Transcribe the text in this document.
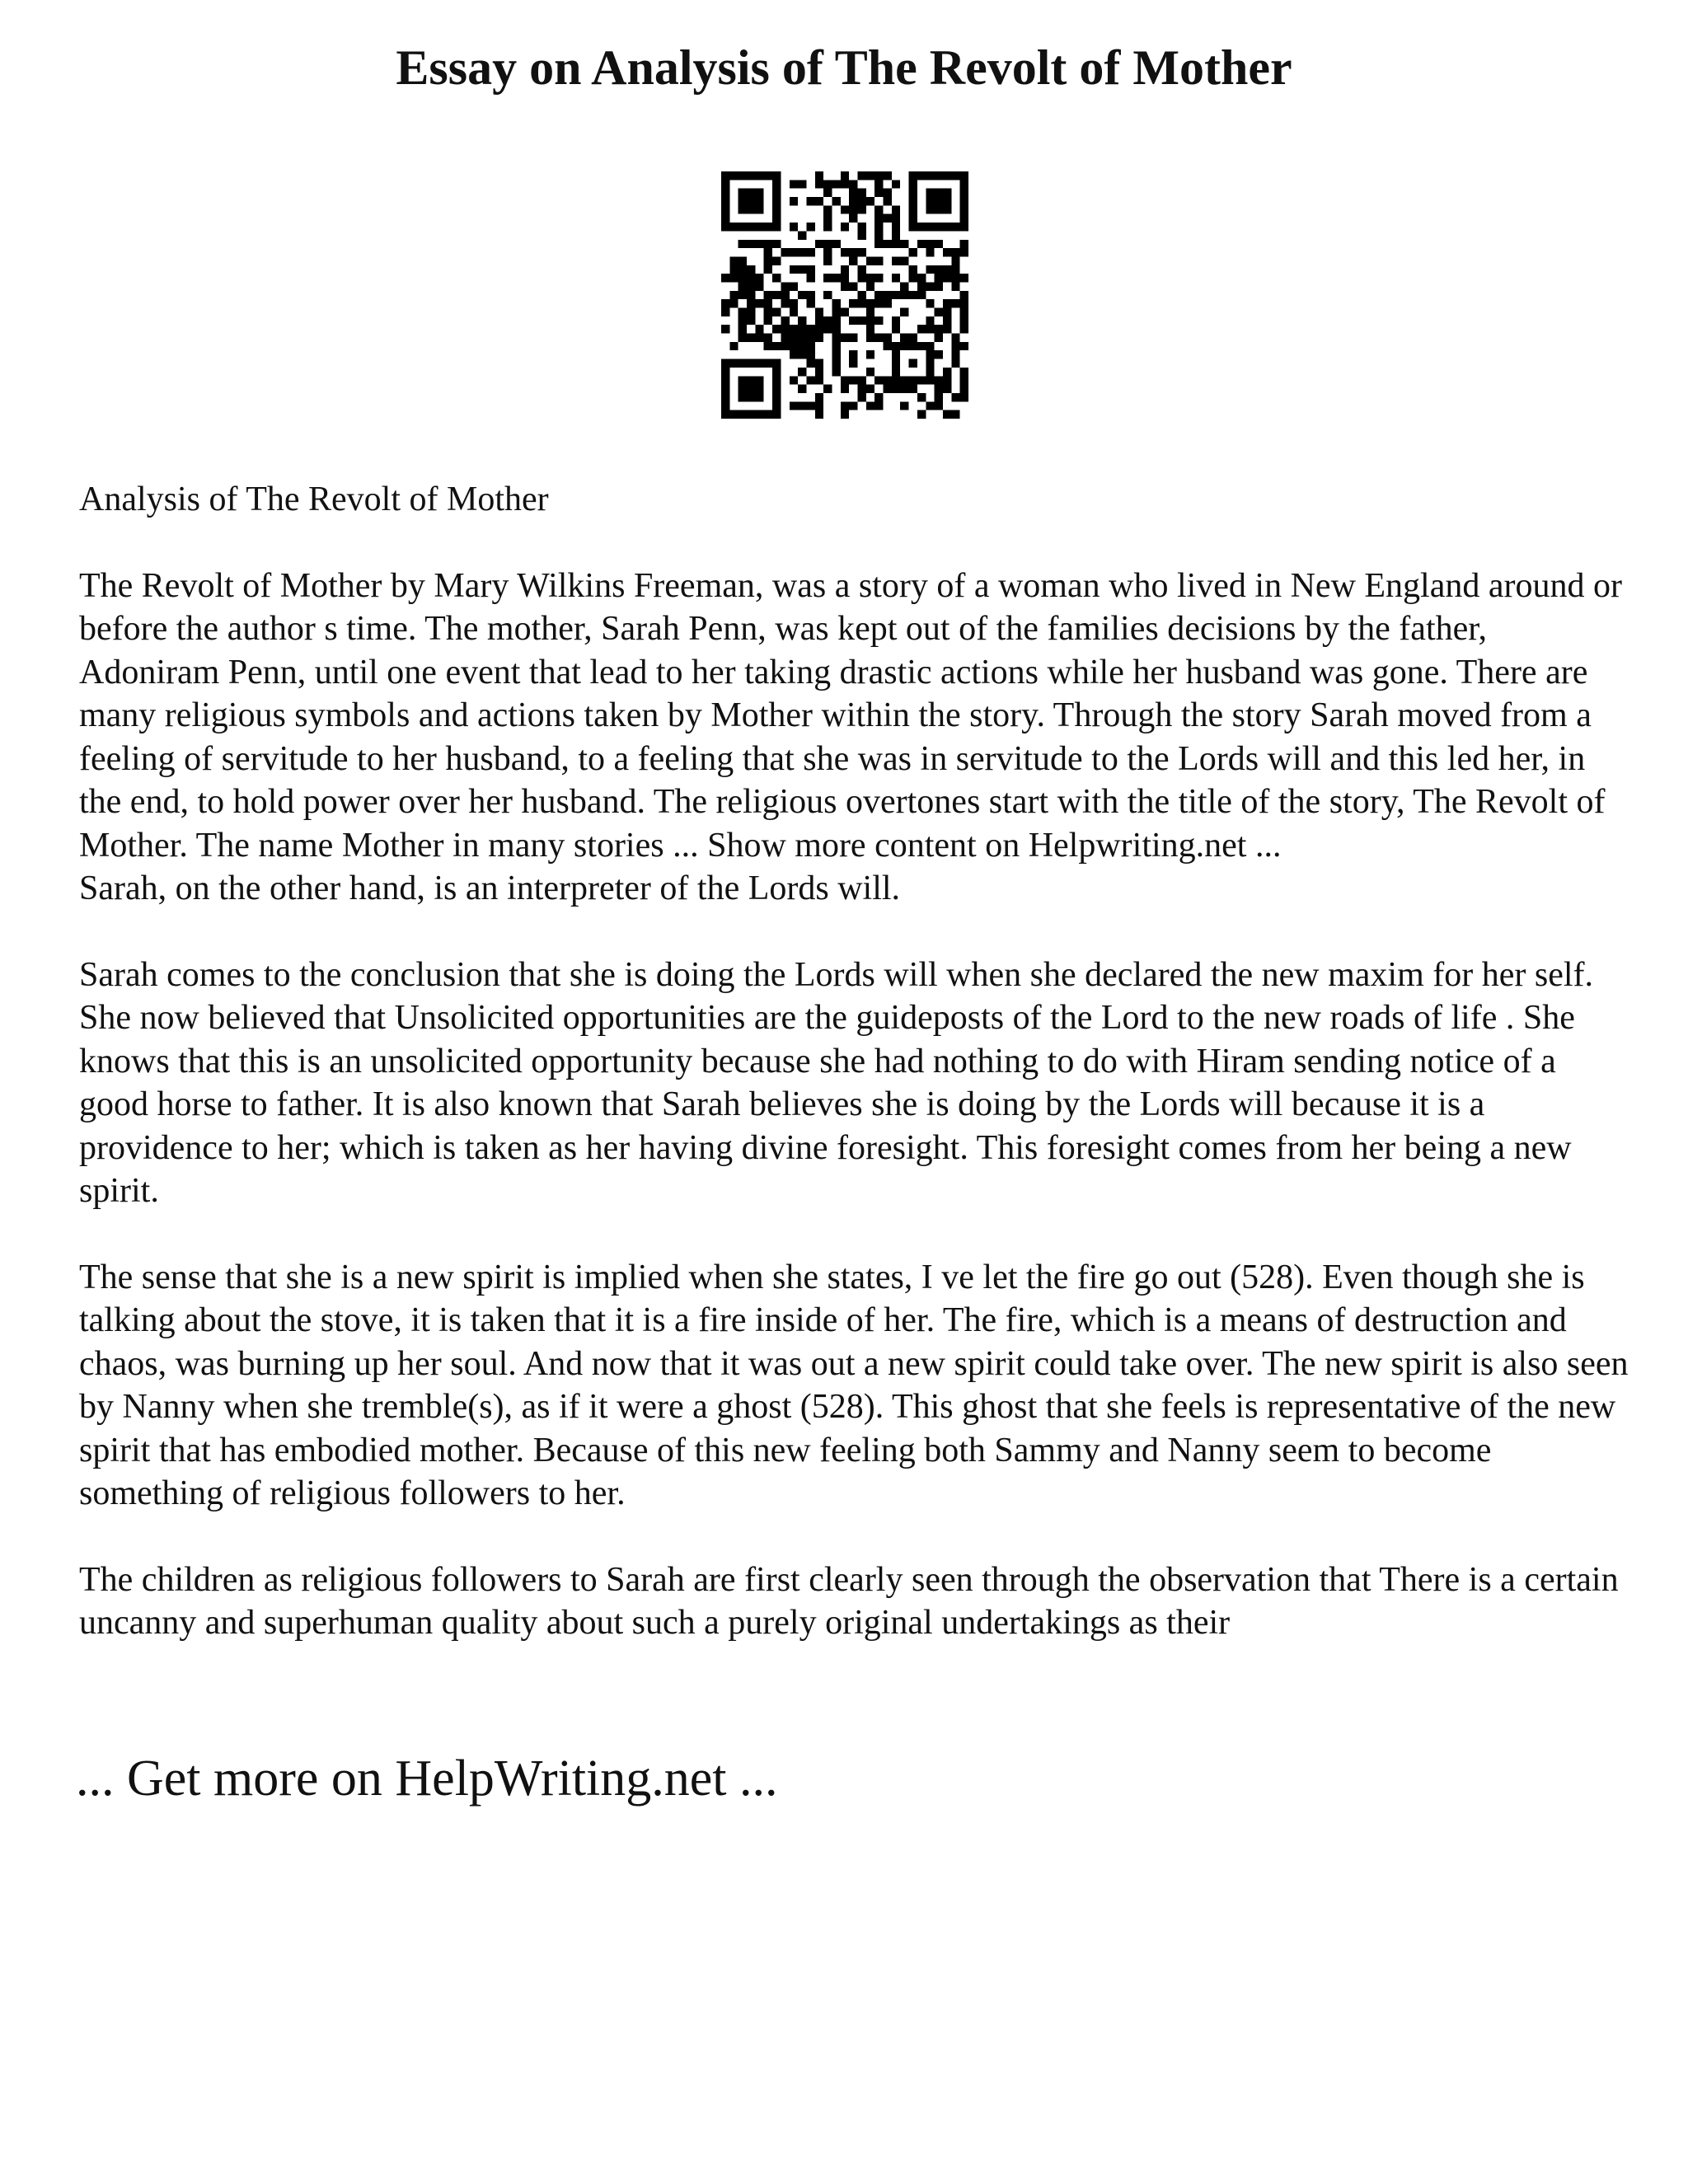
Essay on Analysis of The Revolt of Mother

Analysis of The Revolt of Mother

The Revolt of Mother by Mary Wilkins Freeman, was a story of a woman who lived in New England around or before the author s time. The mother, Sarah Penn, was kept out of the families decisions by the father, Adoniram Penn, until one event that lead to her taking drastic actions while her husband was gone. There are many religious symbols and actions taken by Mother within the story. Through the story Sarah moved from a feeling of servitude to her husband, to a feeling that she was in servitude to the Lords will and this led her, in the end, to hold power over her husband. The religious overtones start with the title of the story, The Revolt of Mother. The name Mother in many stories ... Show more content on Helpwriting.net ...

Sarah, on the other hand, is an interpreter of the Lords will.

Sarah comes to the conclusion that she is doing the Lords will when she declared the new maxim for her self. She now believed that Unsolicited opportunities are the guideposts of the Lord to the new roads of life . She knows that this is an unsolicited opportunity because she had nothing to do with Hiram sending notice of a good horse to father. It is also known that Sarah believes she is doing by the Lords will because it is a providence to her; which is taken as her having divine foresight. This foresight comes from her being a new spirit.

The sense that she is a new spirit is implied when she states, I ve let the fire go out (528). Even though she is talking about the stove, it is taken that it is a fire inside of her. The fire, which is a means of destruction and chaos, was burning up her soul. And now that it was out a new spirit could take over. The new spirit is also seen by Nanny when she tremble(s), as if it were a ghost (528). This ghost that she feels is representative of the new spirit that has embodied mother. Because of this new feeling both Sammy and Nanny seem to become something of religious followers to her.

The children as religious followers to Sarah are first clearly seen through the observation that There is a certain uncanny and superhuman quality about such a purely original undertakings as their

... Get more on HelpWriting.net ...
